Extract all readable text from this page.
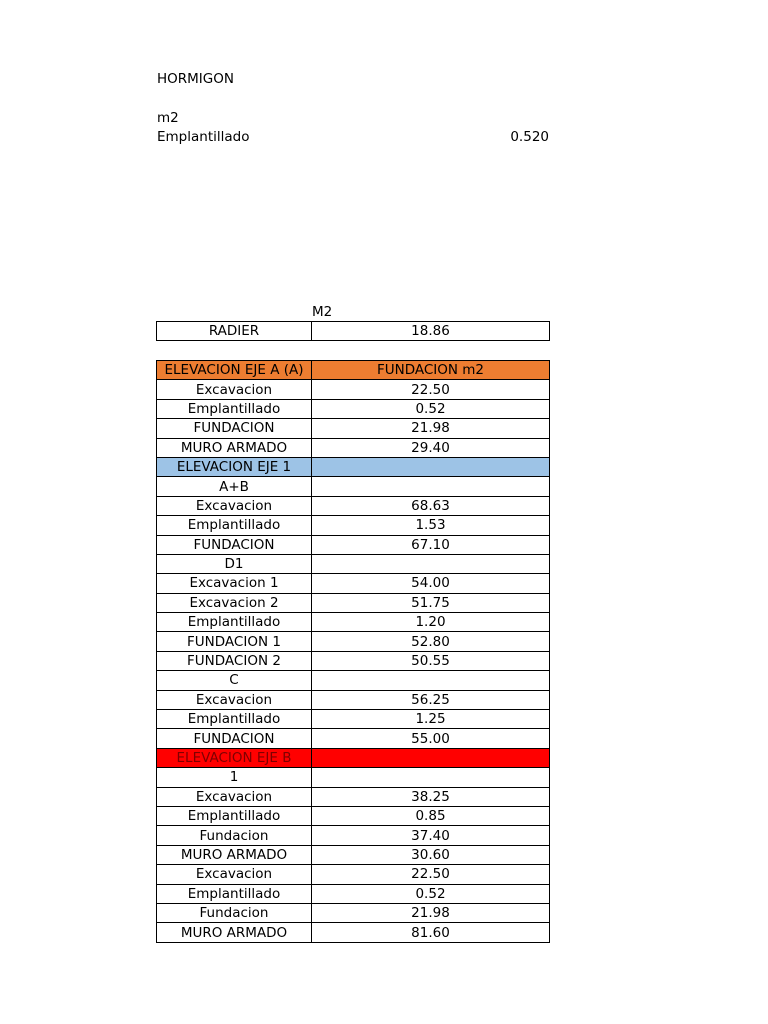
HORMIGON
m2
Emplantillado	0.520
M2
RADIER	18.86
ELEVACION EJE A (A)	FUNDACION m2
Excavacion	22.50
Emplantillado	0.52
FUNDACION	21.98
MURO ARMADO	29.40
ELEVACION EJE 1	
A+B	
Excavacion	68.63
Emplantillado	1.53
FUNDACION	67.10
D1	
Excavacion 1	54.00
Excavacion 2	51.75
Emplantillado	1.20
FUNDACION 1	52.80
FUNDACION 2	50.55
C	
Excavacion	56.25
Emplantillado	1.25
FUNDACION	55.00
ELEVACION EJE B	
1	
Excavacion	38.25
Emplantillado	0.85
Fundacion	37.40
MURO ARMADO	30.60
Excavacion	22.50
Emplantillado	0.52
Fundacion	21.98
MURO ARMADO	81.60
